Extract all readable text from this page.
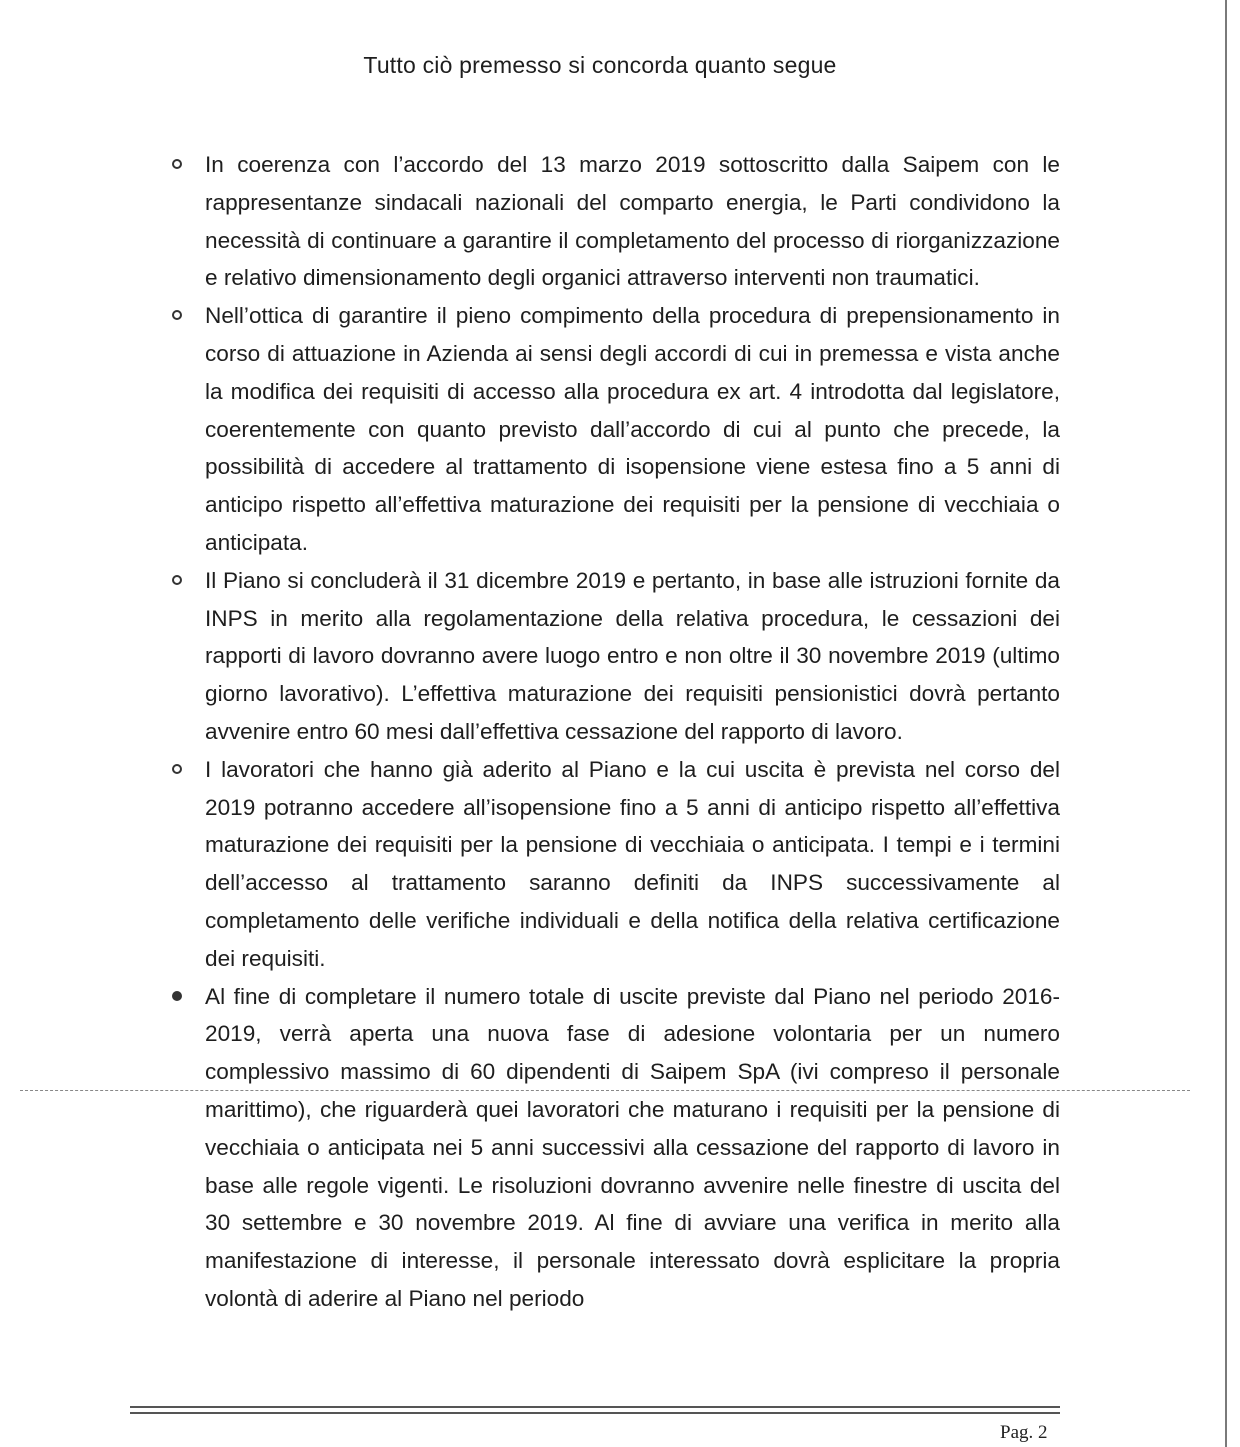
Tutto ciò premesso si concorda quanto segue
In coerenza con l’accordo del 13 marzo 2019 sottoscritto dalla Saipem con le rappresentanze sindacali nazionali del comparto energia, le Parti condividono la necessità di continuare a garantire il completamento del processo di riorganizzazione e relativo dimensionamento degli organici attraverso interventi non traumatici.
Nell’ottica di garantire il pieno compimento della procedura di prepensionamento in corso di attuazione in Azienda ai sensi degli accordi di cui in premessa e vista anche la modifica dei requisiti di accesso alla procedura ex art. 4 introdotta dal legislatore, coerentemente con quanto previsto dall’accordo di cui al punto che precede, la possibilità di accedere al trattamento di isopensione viene estesa fino a 5 anni di anticipo rispetto all’effettiva maturazione dei requisiti per la pensione di vecchiaia o anticipata.
Il Piano si concluderà il 31 dicembre 2019 e pertanto, in base alle istruzioni fornite da INPS in merito alla regolamentazione della relativa procedura, le cessazioni dei rapporti di lavoro dovranno avere luogo entro e non oltre il 30 novembre 2019 (ultimo giorno lavorativo). L’effettiva maturazione dei requisiti pensionistici dovrà pertanto avvenire entro 60 mesi dall’effettiva cessazione del rapporto di lavoro.
I lavoratori che hanno già aderito al Piano e la cui uscita è prevista nel corso del 2019 potranno accedere all’isopensione fino a 5 anni di anticipo rispetto all’effettiva maturazione dei requisiti per la pensione di vecchiaia o anticipata. I tempi e i termini dell’accesso al trattamento saranno definiti da INPS successivamente al completamento delle verifiche individuali e della notifica della relativa certificazione dei requisiti.
Al fine di completare il numero totale di uscite previste dal Piano nel periodo 2016-2019, verrà aperta una nuova fase di adesione volontaria per un numero complessivo massimo di 60 dipendenti di Saipem SpA (ivi compreso il personale marittimo), che riguarderà quei lavoratori che maturano i requisiti per la pensione di vecchiaia o anticipata nei 5 anni successivi alla cessazione del rapporto di lavoro in base alle regole vigenti. Le risoluzioni dovranno avvenire nelle finestre di uscita del 30 settembre e 30 novembre 2019. Al fine di avviare una verifica in merito alla manifestazione di interesse, il personale interessato dovrà esplicitare la propria volontà di aderire al Piano nel periodo
Pag. 2
